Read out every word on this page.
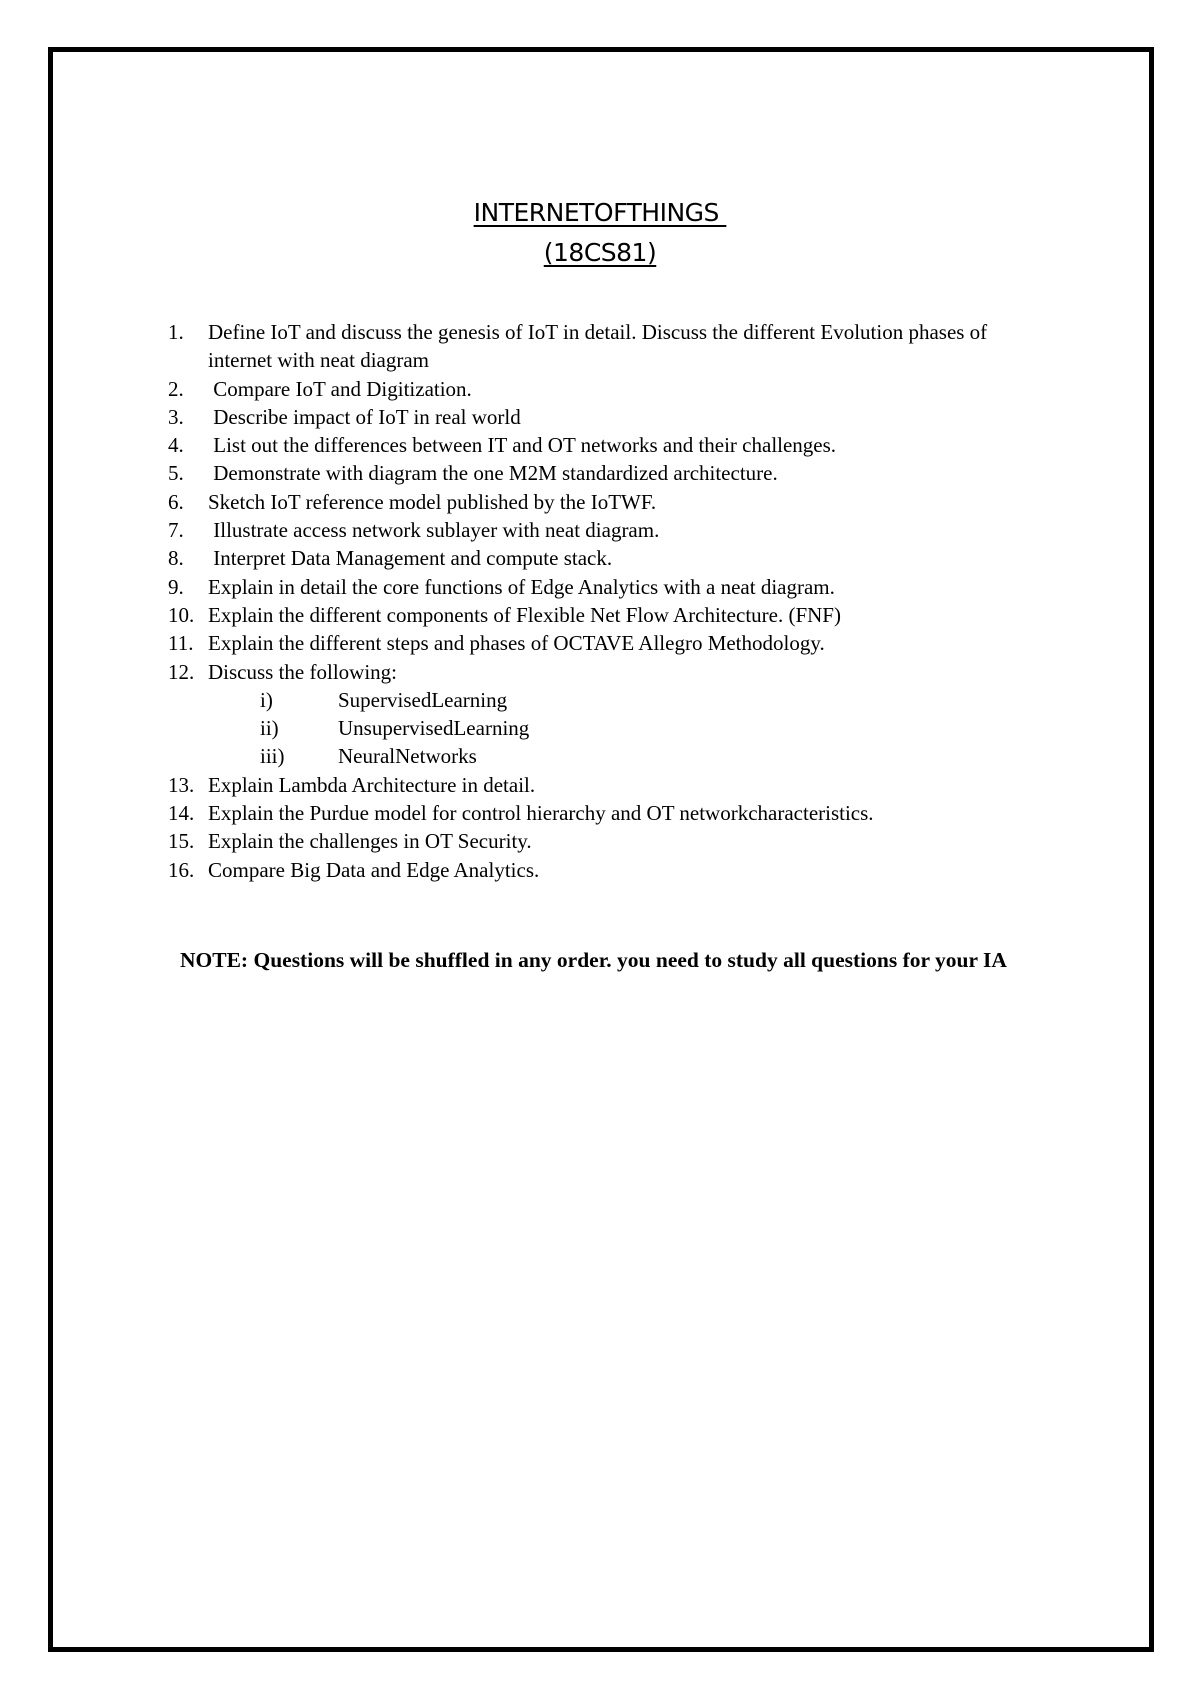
INTERNETOFTHINGS
(18CS81)
1.	Define IoT and discuss the genesis of IoT in detail. Discuss the different Evolution phases of internet with neat diagram
2.	Compare IoT and Digitization.
3.	Describe impact of IoT in real world
4.	List out the differences between IT and OT networks and their challenges.
5.	Demonstrate with diagram the one M2M standardized architecture.
6.	Sketch IoT reference model published by the IoTWF.
7.	Illustrate access network sublayer with neat diagram.
8.	Interpret Data Management and compute stack.
9.	Explain in detail the core functions of Edge Analytics with a neat diagram.
10. Explain the different components of Flexible Net Flow Architecture. (FNF)
11. Explain the different steps and phases of OCTAVE Allegro Methodology.
12. Discuss the following:
i)	SupervisedLearning
ii)	UnsupervisedLearning
iii)	NeuralNetworks
13. Explain Lambda Architecture in detail.
14. Explain the Purdue model for control hierarchy and OT networkcharacteristics.
15. Explain the challenges in OT Security.
16. Compare Big Data and Edge Analytics.
NOTE: Questions will be shuffled in any order. you need to study all questions for your IA
